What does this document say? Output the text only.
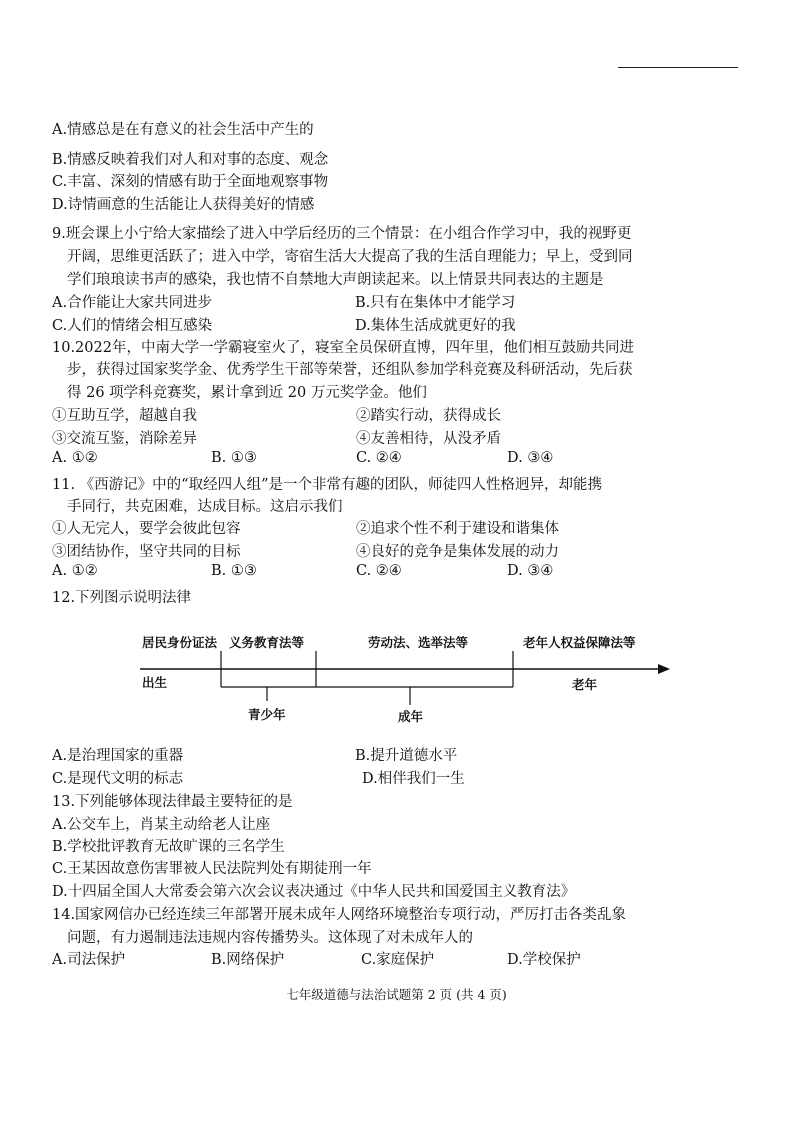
A.情感总是在有意义的社会生活中产生的
B.情感反映着我们对人和对事的态度、观念
C.丰富、深刻的情感有助于全面地观察事物
D.诗情画意的生活能让人获得美好的情感
9.班会课上小宁给大家描绘了进入中学后经历的三个情景：在小组合作学习中，我的视野更
开阔，思维更活跃了；进入中学，寄宿生活大大提高了我的生活自理能力；早上，受到同
学们琅琅读书声的感染，我也情不自禁地大声朗读起来。以上情景共同表达的主题是
A.合作能让大家共同进步	B.只有在集体中才能学习
C.人们的情绪会相互感染	D.集体生活成就更好的我
10.2022年，中南大学一学霸寝室火了，寝室全员保研直博，四年里，他们相互鼓励共同进
步，获得过国家奖学金、优秀学生干部等荣誉，还组队参加学科竞赛及科研活动，先后获
得 26 项学科竞赛奖，累计拿到近 20 万元奖学金。他们
①互助互学，超越自我	②踏实行动，获得成长
③交流互鉴，消除差异	④友善相待，从没矛盾
A. ①②	B. ①③	C. ②④	D. ③④
11. 《西游记》中的“取经四人组”是一个非常有趣的团队，师徒四人性格迥异，却能携
手同行，共克困难，达成目标。这启示我们
①人无完人，要学会彼此包容	②追求个性不利于建设和谐集体
③团结协作，坚守共同的目标	④良好的竞争是集体发展的动力
A. ①②	B. ①③	C. ②④	D. ③④
12.下列图示说明法律
居民身份证法 义务教育法等	劳动法、选举法等	老年人权益保障法等
出生
青少年	成年
老年
A.是治理国家的重器	B.提升道德水平
C.是现代文明的标志	D.相伴我们一生
13.下列能够体现法律最主要特征的是
A.公交车上，肖某主动给老人让座
B.学校批评教育无故旷课的三名学生
C.王某因故意伤害罪被人民法院判处有期徒刑一年
D.十四届全国人大常委会第六次会议表决通过《中华人民共和国爱国主义教育法》
14.国家网信办已经连续三年部署开展未成年人网络环境整治专项行动，严厉打击各类乱象
问题，有力遏制违法违规内容传播势头。这体现了对未成年人的
A.司法保护	B.网络保护	C.家庭保护	D.学校保护
七年级道德与法治试题第 2 页 (共 4 页)
